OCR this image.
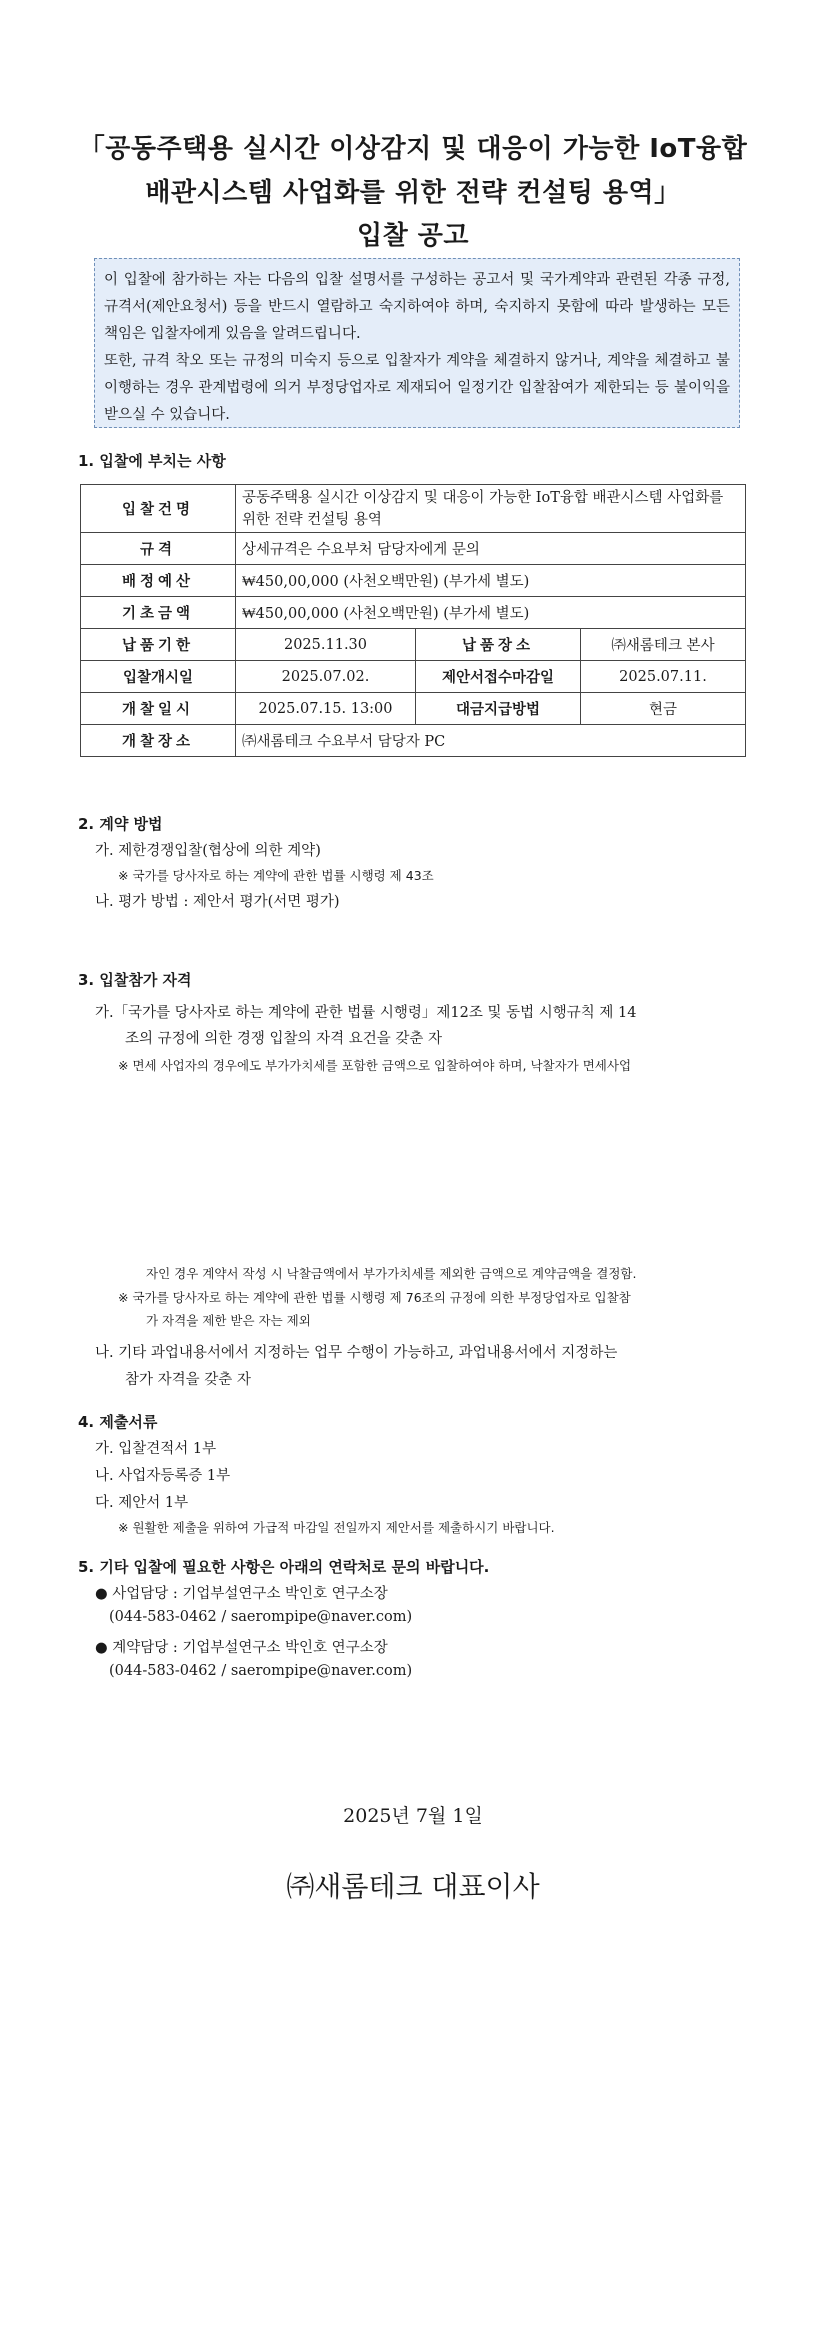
「공동주택용 실시간 이상감지 및 대응이 가능한 IoT융합
배관시스템 사업화를 위한 전략 컨설팅 용역」
입찰 공고

이 입찰에 참가하는 자는 다음의 입찰 설명서를 구성하는 공고서 및 국가계약과 관련된 각종 규정, 규격서(제안요청서) 등을 반드시 열람하고 숙지하여야 하며, 숙지하지 못함에 따라 발생하는 모든 책임은 입찰자에게 있음을 알려드립니다.

또한, 규격 착오 또는 규정의 미숙지 등으로 입찰자가 계약을 체결하지 않거나, 계약을 체결하고 불이행하는 경우 관계법령에 의거 부정당업자로 제재되어 일정기간 입찰참여가 제한되는 등 불이익을 받으실 수 있습니다.

1. 입찰에 부치는 사항
입찰건명	공동주택용 실시간 이상감지 및 대응이 가능한 IoT융합 배관시스템 사업화를 위한 전략 컨설팅 용역		
규격	상세규격은 수요부처 담당자에게 문의		
배정예산	₩450,00,000 (사천오백만원) (부가세 별도)		
기초금액	₩450,00,000 (사천오백만원) (부가세 별도)		
납품기한	2025.11.30	납품장소	㈜새롬테크 본사
입찰개시일	2025.07.02.	제안서접수마감일	2025.07.11.
개찰일시	2025.07.15. 13:00	대금지급방법	현금
개찰장소	㈜새롬테크 수요부서 담당자 PC		
2. 계약 방법
가. 제한경쟁입찰(협상에 의한 계약)
※ 국가를 당사자로 하는 계약에 관한 법률 시행령 제 43조
나. 평가 방법 : 제안서 평가(서면 평가)
3. 입찰참가 자격
가.「국가를 당사자로 하는 계약에 관한 법률 시행령」제12조 및 동법 시행규칙 제 14
조의 규정에 의한 경쟁 입찰의 자격 요건을 갖춘 자
※ 면세 사업자의 경우에도 부가가치세를 포함한 금액으로 입찰하여야 하며, 낙찰자가 면세사업
자인 경우 계약서 작성 시 낙찰금액에서 부가가치세를 제외한 금액으로 계약금액을 결정함.
※ 국가를 당사자로 하는 계약에 관한 법률 시행령 제 76조의 규정에 의한 부정당업자로 입찰참
가 자격을 제한 받은 자는 제외
나. 기타 과업내용서에서 지정하는 업무 수행이 가능하고, 과업내용서에서 지정하는
참가 자격을 갖춘 자
4. 제출서류
가. 입찰견적서 1부
나. 사업자등록증 1부
다. 제안서 1부
※ 원활한 제출을 위하여 가급적 마감일 전일까지 제안서를 제출하시기 바랍니다.
5. 기타 입찰에 필요한 사항은 아래의 연락처로 문의 바랍니다.
● 사업담당 : 기업부설연구소 박인호 연구소장
(044-583-0462 / saerompipe@naver.com)
● 계약담당 : 기업부설연구소 박인호 연구소장
(044-583-0462 / saerompipe@naver.com)
2025년 7월 1일
㈜새롬테크 대표이사
